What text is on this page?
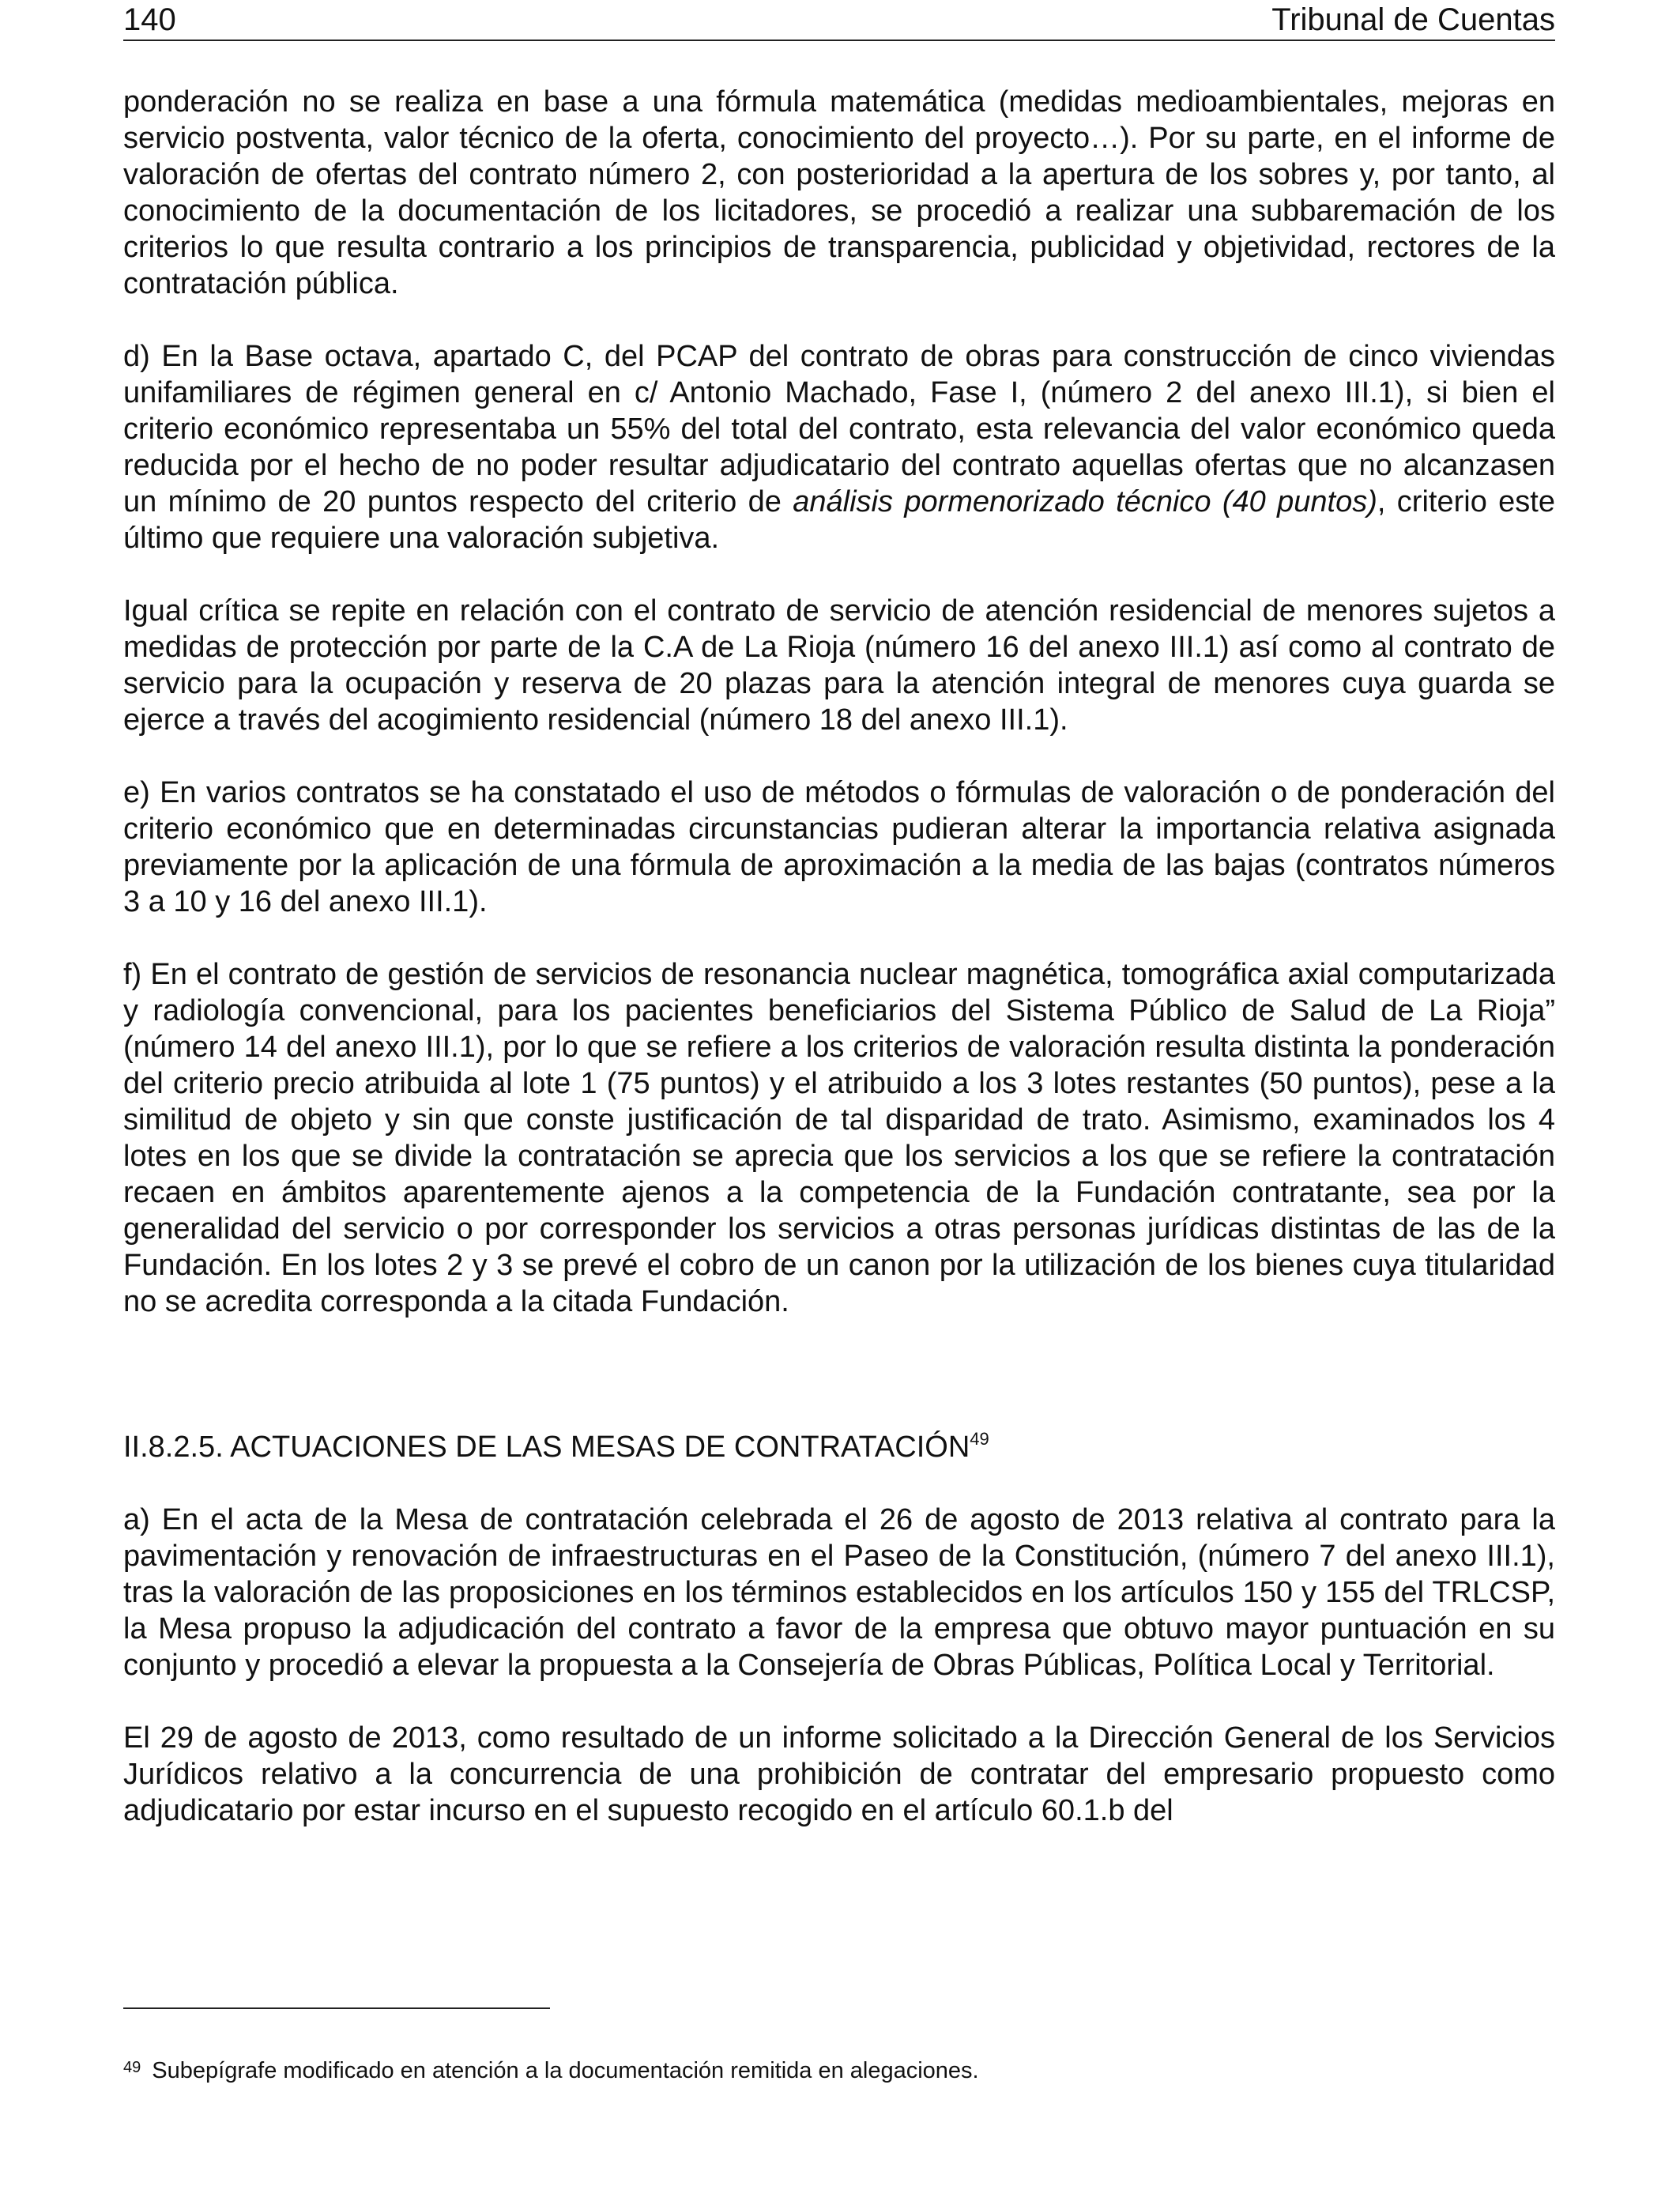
140	Tribunal de Cuentas

ponderación no se realiza en base a una fórmula matemática (medidas medioambientales, mejoras en servicio postventa, valor técnico de la oferta, conocimiento del proyecto…). Por su parte, en el informe de valoración de ofertas del contrato número 2, con posterioridad a la apertura de los sobres y, por tanto, al conocimiento de la documentación de los licitadores, se procedió a realizar una subbaremación de los criterios lo que resulta contrario a los principios de transparencia, publicidad y objetividad, rectores de la contratación pública.

d) En la Base octava, apartado C, del PCAP del contrato de obras para construcción de cinco viviendas unifamiliares de régimen general en c/ Antonio Machado, Fase I, (número 2 del anexo III.1), si bien el criterio económico representaba un 55% del total del contrato, esta relevancia del valor económico queda reducida por el hecho de no poder resultar adjudicatario del contrato aquellas ofertas que no alcanzasen un mínimo de 20 puntos respecto del criterio de análisis pormenorizado técnico (40 puntos), criterio este último que requiere una valoración subjetiva.

Igual crítica se repite en relación con el contrato de servicio de atención residencial de menores sujetos a medidas de protección por parte de la C.A de La Rioja (número 16 del anexo III.1) así como al contrato de servicio para la ocupación y reserva de 20 plazas para la atención integral de menores cuya guarda se ejerce a través del acogimiento residencial (número 18 del anexo III.1).

e) En varios contratos se ha constatado el uso de métodos o fórmulas de valoración o de ponderación del criterio económico que en determinadas circunstancias pudieran alterar la importancia relativa asignada previamente por la aplicación de una fórmula de aproximación a la media de las bajas (contratos números 3 a 10 y 16 del anexo III.1).

f) En el contrato de gestión de servicios de resonancia nuclear magnética, tomográfica axial computarizada y radiología convencional, para los pacientes beneficiarios del Sistema Público de Salud de La Rioja” (número 14 del anexo III.1), por lo que se refiere a los criterios de valoración resulta distinta la ponderación del criterio precio atribuida al lote 1 (75 puntos) y el atribuido a los 3 lotes restantes (50 puntos), pese a la similitud de objeto y sin que conste justificación de tal disparidad de trato. Asimismo, examinados los 4 lotes en los que se divide la contratación se aprecia que los servicios a los que se refiere la contratación recaen en ámbitos aparentemente ajenos a la competencia de la Fundación contratante, sea por la generalidad del servicio o por corresponder los servicios a otras personas jurídicas distintas de las de la Fundación. En los lotes 2 y 3 se prevé el cobro de un canon por la utilización de los bienes cuya titularidad no se acredita corresponda a la citada Fundación.

II.8.2.5. ACTUACIONES DE LAS MESAS DE CONTRATACIÓN$^{49}$

a) En el acta de la Mesa de contratación celebrada el 26 de agosto de 2013 relativa al contrato para la pavimentación y renovación de infraestructuras en el Paseo de la Constitución, (número 7 del anexo III.1), tras la valoración de las proposiciones en los términos establecidos en los artículos 150 y 155 del TRLCSP, la Mesa propuso la adjudicación del contrato a favor de la empresa que obtuvo mayor puntuación en su conjunto y procedió a elevar la propuesta a la Consejería de Obras Públicas, Política Local y Territorial.

El 29 de agosto de 2013, como resultado de un informe solicitado a la Dirección General de los Servicios Jurídicos relativo a la concurrencia de una prohibición de contratar del empresario propuesto como adjudicatario por estar incurso en el supuesto recogido en el artículo 60.1.b del

$^{49}$ Subepígrafe modificado en atención a la documentación remitida en alegaciones.
